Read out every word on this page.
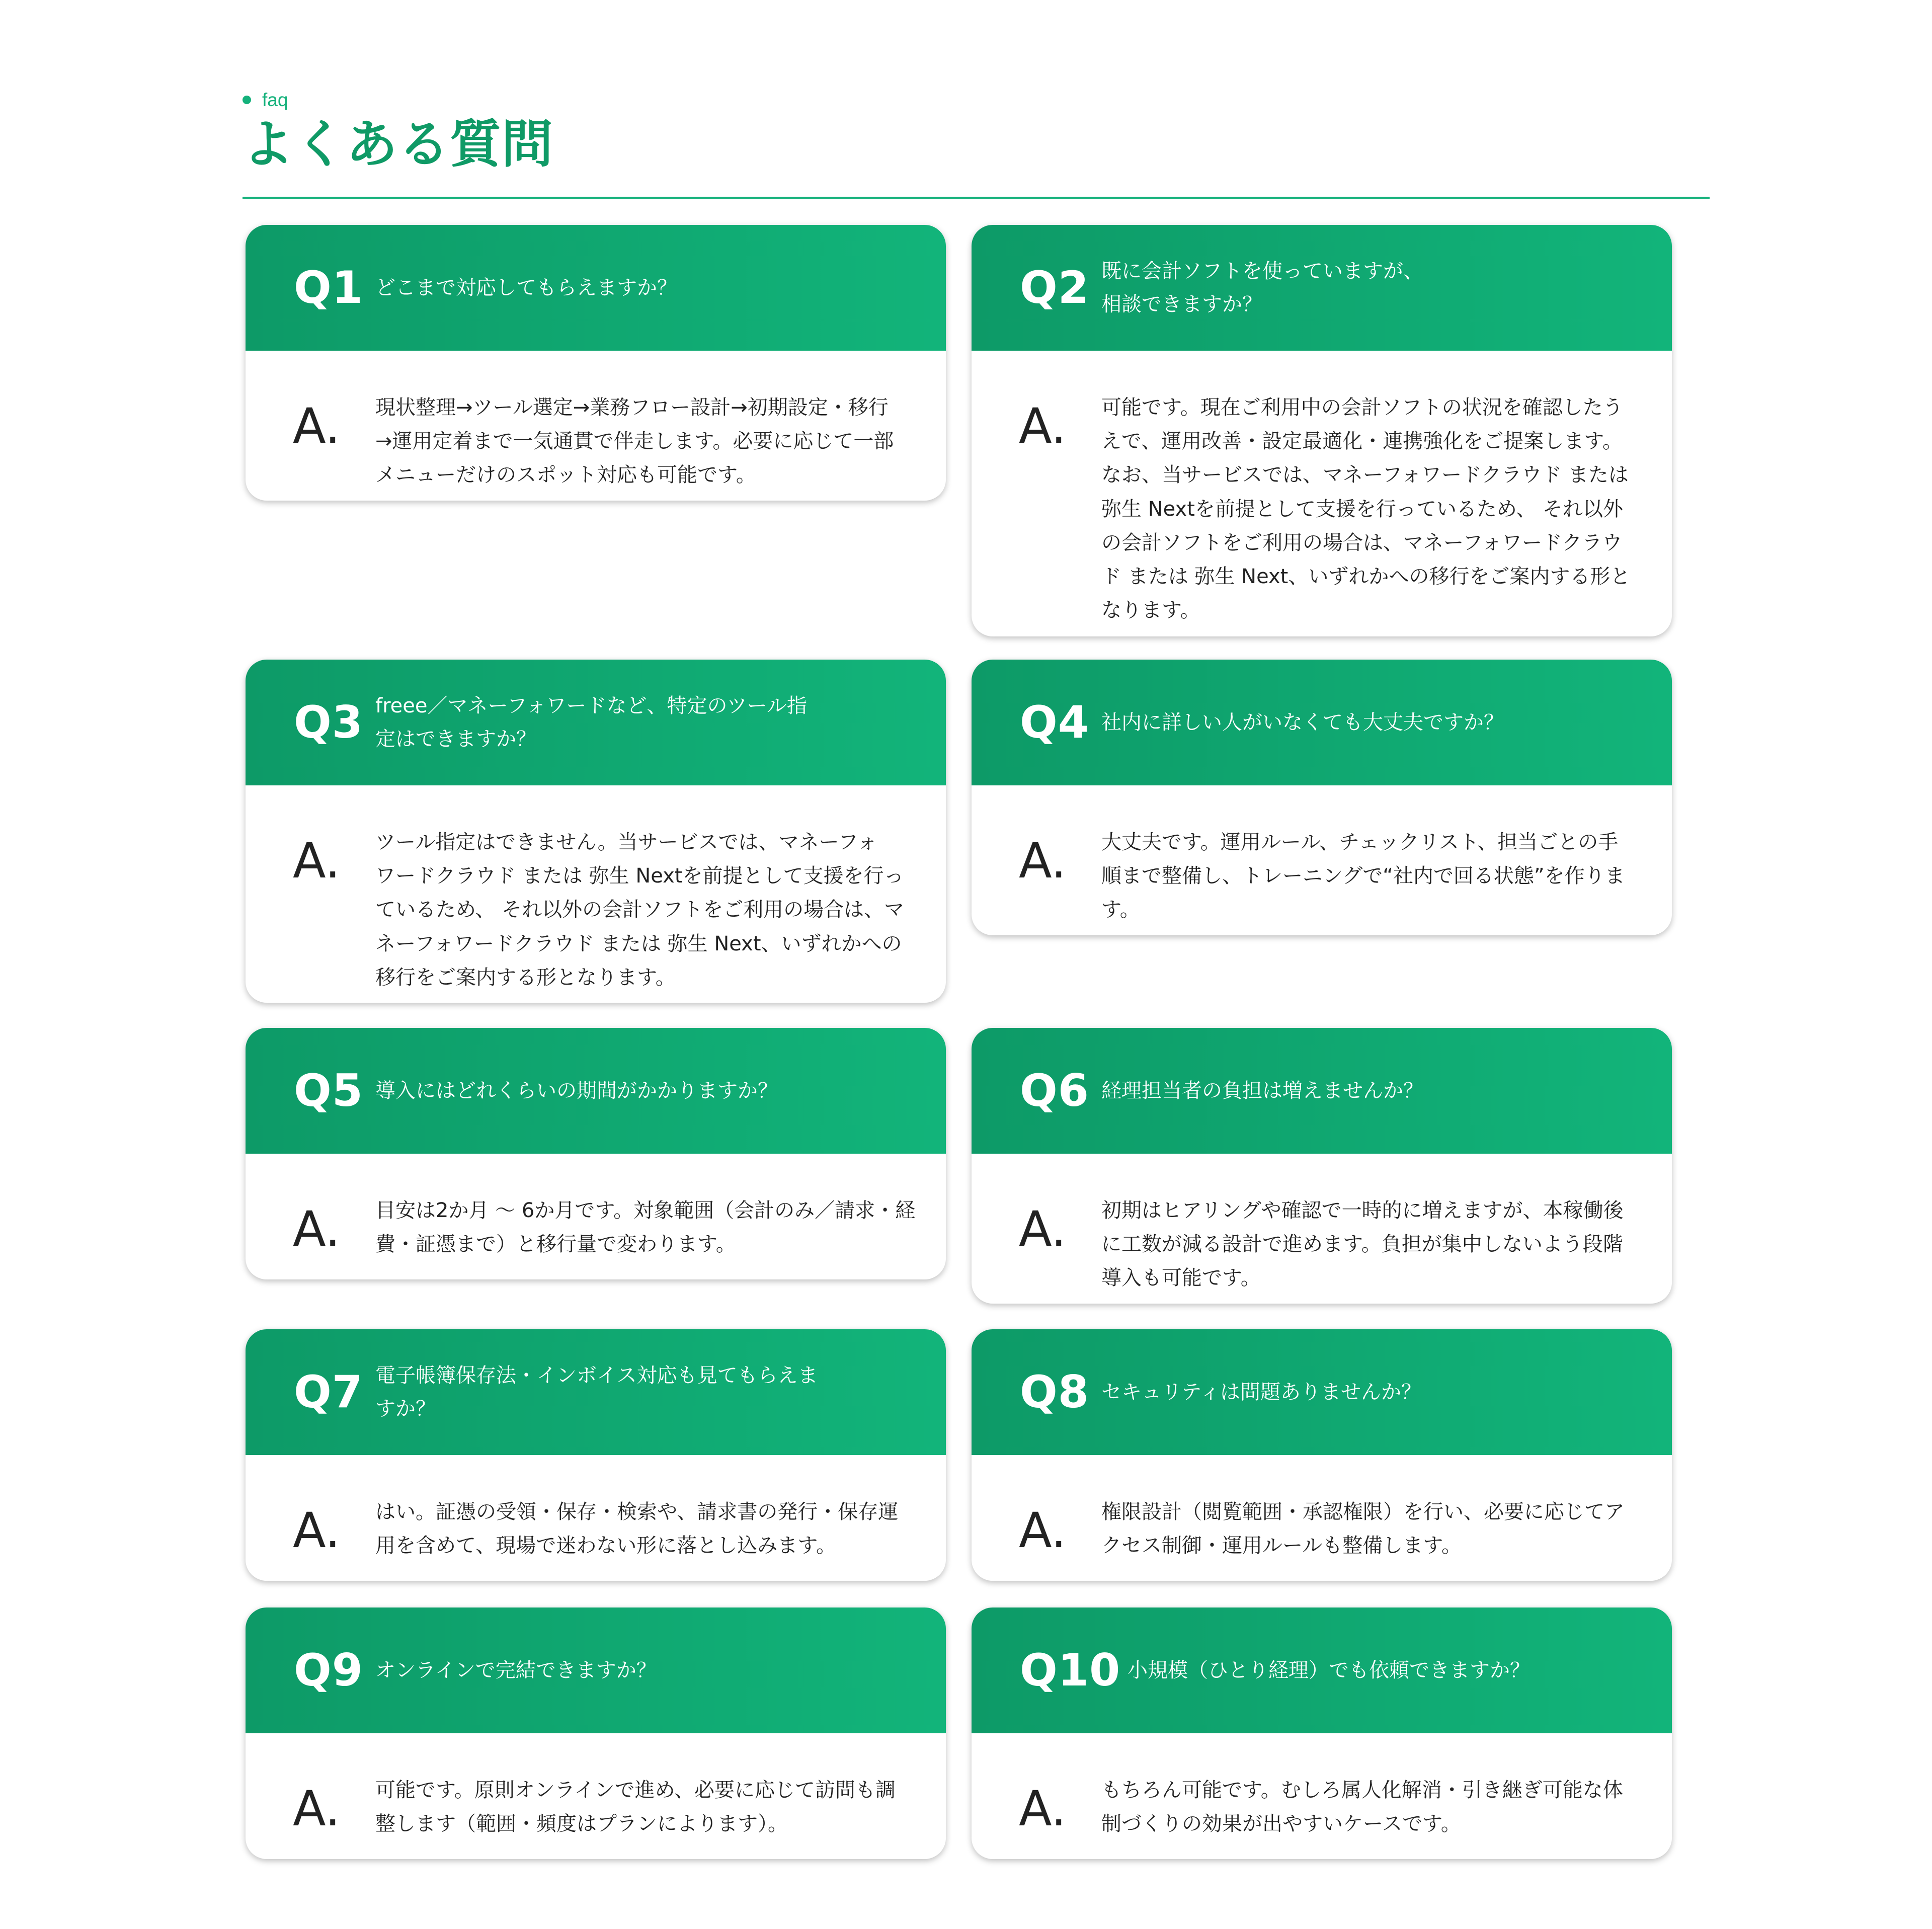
faq
よくある質問
Q1 どこまで対応してもらえますか？
A. 現状整理→ツール選定→業務フロー設計→初期設定・移行
→運用定着まで一気通貫で伴走します。必要に応じて一部
メニューだけのスポット対応も可能です。
Q2 既に会計ソフトを使っていますが、
相談できますか？
A. 可能です。現在ご利用中の会計ソフトの状況を確認したう
えで、運用改善・設定最適化・連携強化をご提案します。
なお、当サービスでは、マネーフォワードクラウド または
弥生 Nextを前提として支援を行っているため、 それ以外
の会計ソフトをご利用の場合は、マネーフォワードクラウ
ド または 弥生 Next、いずれかへの移行をご案内する形と
なります。
Q3 freee／マネーフォワードなど、特定のツール指
定はできますか？
A. ツール指定はできません。当サービスでは、マネーフォ
ワードクラウド または 弥生 Nextを前提として支援を行っ
ているため、 それ以外の会計ソフトをご利用の場合は、マ
ネーフォワードクラウド または 弥生 Next、いずれかへの
移行をご案内する形となります。
Q4 社内に詳しい人がいなくても大丈夫ですか？
A. 大丈夫です。運用ルール、チェックリスト、担当ごとの手
順まで整備し、トレーニングで“社内で回る状態”を作りま
す。
Q5 導入にはどれくらいの期間がかかりますか？
A. 目安は2か月 〜 6か月です。対象範囲（会計のみ／請求・経
費・証憑まで）と移行量で変わります。
Q6 経理担当者の負担は増えませんか？
A. 初期はヒアリングや確認で一時的に増えますが、本稼働後
に工数が減る設計で進めます。負担が集中しないよう段階
導入も可能です。
Q7 電子帳簿保存法・インボイス対応も見てもらえま
すか？
A. はい。証憑の受領・保存・検索や、請求書の発行・保存運
用を含めて、現場で迷わない形に落とし込みます。
Q8 セキュリティは問題ありませんか？
A. 権限設計（閲覧範囲・承認権限）を行い、必要に応じてア
クセス制御・運用ルールも整備します。
Q9 オンラインで完結できますか？
A. 可能です。原則オンラインで進め、必要に応じて訪問も調
整します（範囲・頻度はプランによります）。
Q10 小規模（ひとり経理）でも依頼できますか？
A. もちろん可能です。むしろ属人化解消・引き継ぎ可能な体
制づくりの効果が出やすいケースです。
